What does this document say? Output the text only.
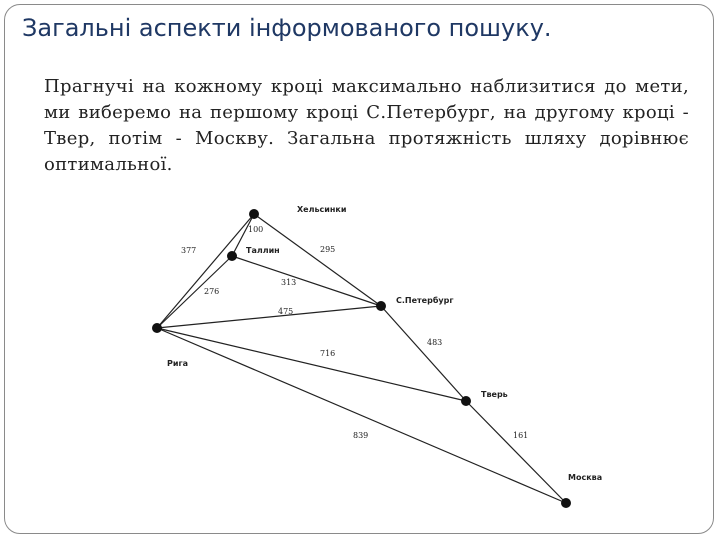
Загальні аспекти інформованого пошуку.
Прагнучі на кожному кроці максимально наблизитися до мети, ми виберемо на першому кроці С.Петербург, на другому кроці - Твер, потім - Москву. Загальна протяжність шляху дорівнює оптимальної.
Хельсинки
Таллин
С.Петербург
Рига
Тверь
Москва
100
377	295
313
276
475
716
483
839	161
